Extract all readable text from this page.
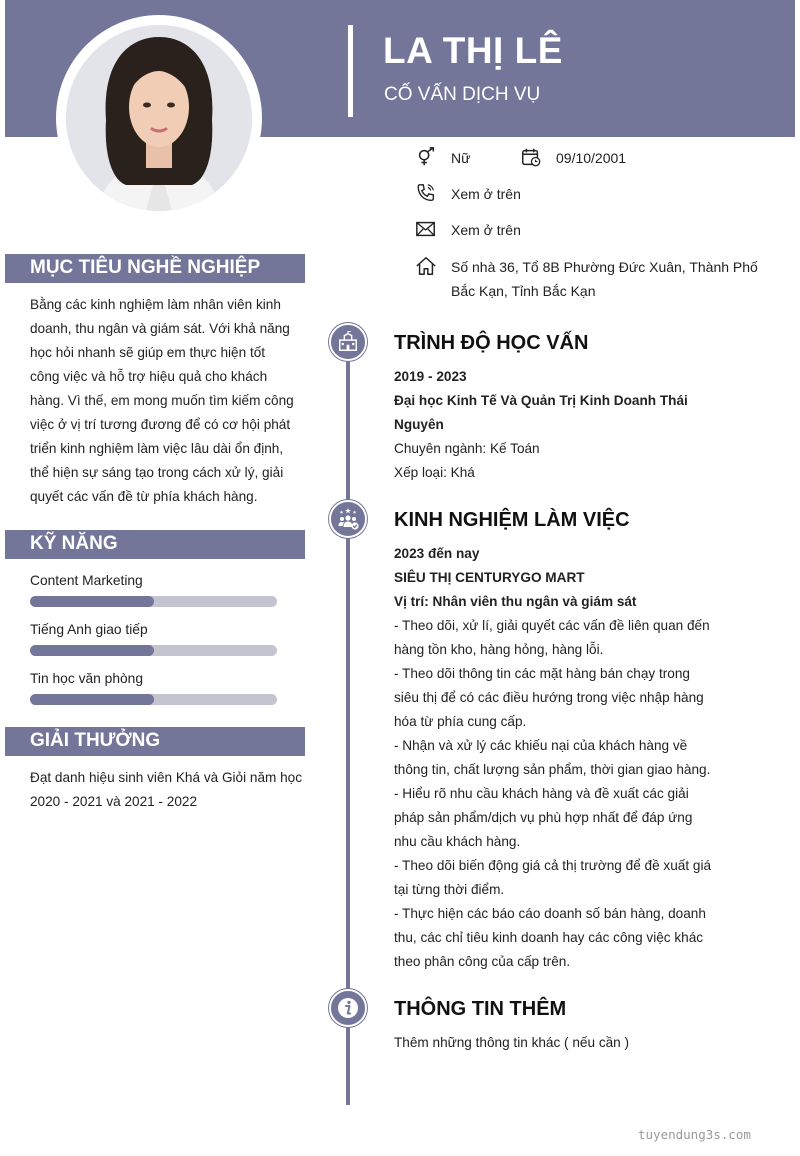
LA THỊ LÊ
CỐ VẤN DỊCH VỤ
Nữ	09/10/2001
Xem ở trên
Xem ở trên
Số nhà 36, Tổ 8B Phường Đức Xuân, Thành Phố
Bắc Kạn, Tỉnh Bắc Kạn
MỤC TIÊU NGHỀ NGHIỆP
Bằng các kinh nghiệm làm nhân viên kinh
doanh, thu ngân và giám sát. Với khả năng
học hỏi nhanh sẽ giúp em thực hiện tốt
công việc và hỗ trợ hiệu quả cho khách
hàng. Vì thế, em mong muốn tìm kiếm công
việc ở vị trí tương đương để có cơ hội phát
triển kinh nghiệm làm việc lâu dài ổn định,
thể hiện sự sáng tạo trong cách xử lý, giải
quyết các vấn đề từ phía khách hàng.
KỸ NĂNG
Content Marketing
Tiếng Anh giao tiếp
Tin học văn phòng
GIẢI THƯỞNG
Đạt danh hiệu sinh viên Khá và Giỏi năm học
2020 - 2021 và 2021 - 2022
TRÌNH ĐỘ HỌC VẤN
2019 - 2023
Đại học Kinh Tế Và Quản Trị Kinh Doanh Thái
Nguyên
Chuyên ngành: Kế Toán
Xếp loại: Khá
KINH NGHIỆM LÀM VIỆC
2023 đến nay
SIÊU THỊ CENTURYGO MART
Vị trí: Nhân viên thu ngân và giám sát
- Theo dõi, xử lí, giải quyết các vấn đề liên quan đến
hàng tồn kho, hàng hỏng, hàng lỗi.
- Theo dõi thông tin các mặt hàng bán chạy trong
siêu thị để có các điều hướng trong việc nhập hàng
hóa từ phía cung cấp.
- Nhận và xử lý các khiếu nại của khách hàng về
thông tin, chất lượng sản phẩm, thời gian giao hàng.
- Hiểu rõ nhu cầu khách hàng và đề xuất các giải
pháp sản phẩm/dịch vụ phù hợp nhất để đáp ứng
nhu cầu khách hàng.
- Theo dõi biến động giá cả thị trường để đề xuất giá
tại từng thời điểm.
- Thực hiện các báo cáo doanh số bán hàng, doanh
thu, các chỉ tiêu kinh doanh hay các công việc khác
theo phân công của cấp trên.
THÔNG TIN THÊM
Thêm những thông tin khác ( nếu cần )
tuyendung3s.com
